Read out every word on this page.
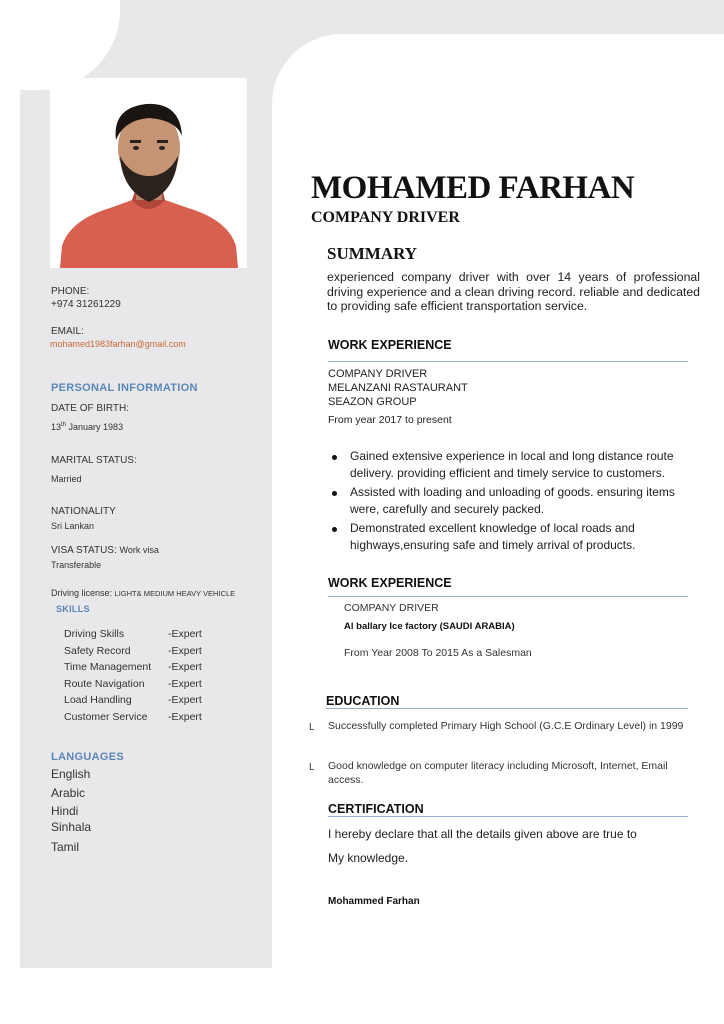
PHONE:
+974 31261229
EMAIL:
mohamed1983farhan@gmail.com
PERSONAL INFORMATION
DATE OF BIRTH:
13th January 1983
MARITAL STATUS:
Married
NATIONALITY
Sri Lankan
VISA STATUS: Work visa
Transferable
Driving license: LIGHT& MEDIUM HEAVY VEHICLE
SKILLS
Driving Skills	-Expert
Safety Record	-Expert
Time Management	-Expert
Route Navigation	-Expert
Load Handling	-Expert
Customer Service	-Expert
LANGUAGES
English
Arabic
Hindi
Sinhala
Tamil
MOHAMED FARHAN
COMPANY DRIVER
SUMMARY
experienced company driver with over 14 years of professional driving experience and a clean driving record. reliable and dedicated to providing safe efficient transportation service.
WORK EXPERIENCE
COMPANY DRIVER
MELANZANI RASTAURANT
SEAZON GROUP
From year 2017 to present
Gained extensive experience in local and long distance route delivery. providing efficient and timely service to customers.
Assisted with loading and unloading of goods. ensuring items were, carefully and securely packed.
Demonstrated excellent knowledge of local roads and highways,ensuring safe and timely arrival of products.
WORK EXPERIENCE
COMPANY DRIVER
Al ballary Ice factory (SAUDI ARABIA)
From Year 2008 To 2015 As a Salesman
EDUCATION
L Successfully completed Primary High School (G.C.E Ordinary Level) in 1999
L Good knowledge on computer literacy including Microsoft, Internet, Email access.
CERTIFICATION
I hereby declare that all the details given above are true to
My knowledge.
Mohammed Farhan
